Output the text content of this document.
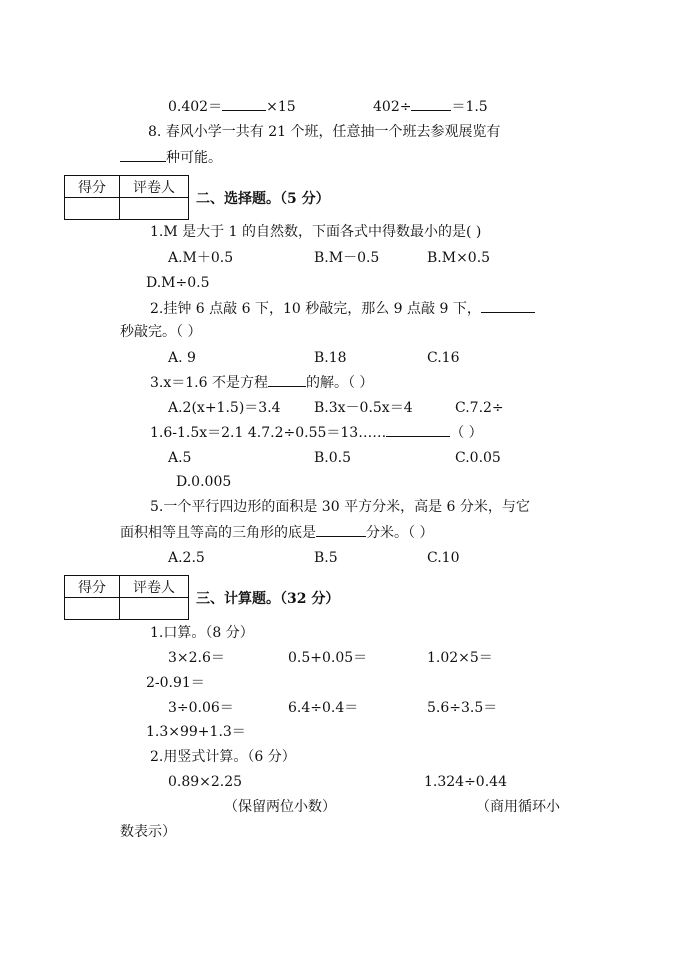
0.402＝	×15	402÷	＝1.5
8. 春风小学一共有 21 个班，任意抽一个班去参观展览有
种可能。
得分	评卷人

二、选择题。（5 分）
1.M 是大于 1 的自然数，下面各式中得数最小的是( )
A.M＋0.5	B.M－0.5	B.M×0.5
D.M÷0.5
2.挂钟 6 点敲 6 下，10 秒敲完，那么 9 点敲 9 下，
秒敲完。（ ）
A. 9	B.18	C.16
3.x＝1.6 不是方程	的解。（ ）
A.2(x+1.5)＝3.4 B.3x－0.5x＝4	C.7.2÷
1.6-1.5x＝2.1 4.7.2÷0.55＝13……	（ ）
A.5	B.0.5	C.0.05
D.0.005
5.一个平行四边形的面积是 30 平方分米，高是 6 分米，与它
面积相等且等高的三角形的底是	分米。（ ）
A.2.5	B.5	C.10
得分	评卷人

三、计算题。（32 分）
1.口算。（8 分）
3×2.6＝	0.5+0.05＝	1.02×5＝
2-0.91＝
3÷0.06＝	6.4÷0.4＝	5.6÷3.5＝
1.3×99+1.3＝
2.用竖式计算。（6 分）
0.89×2.25	1.324÷0.44
（保留两位小数）	（商用循环小
数表示）
